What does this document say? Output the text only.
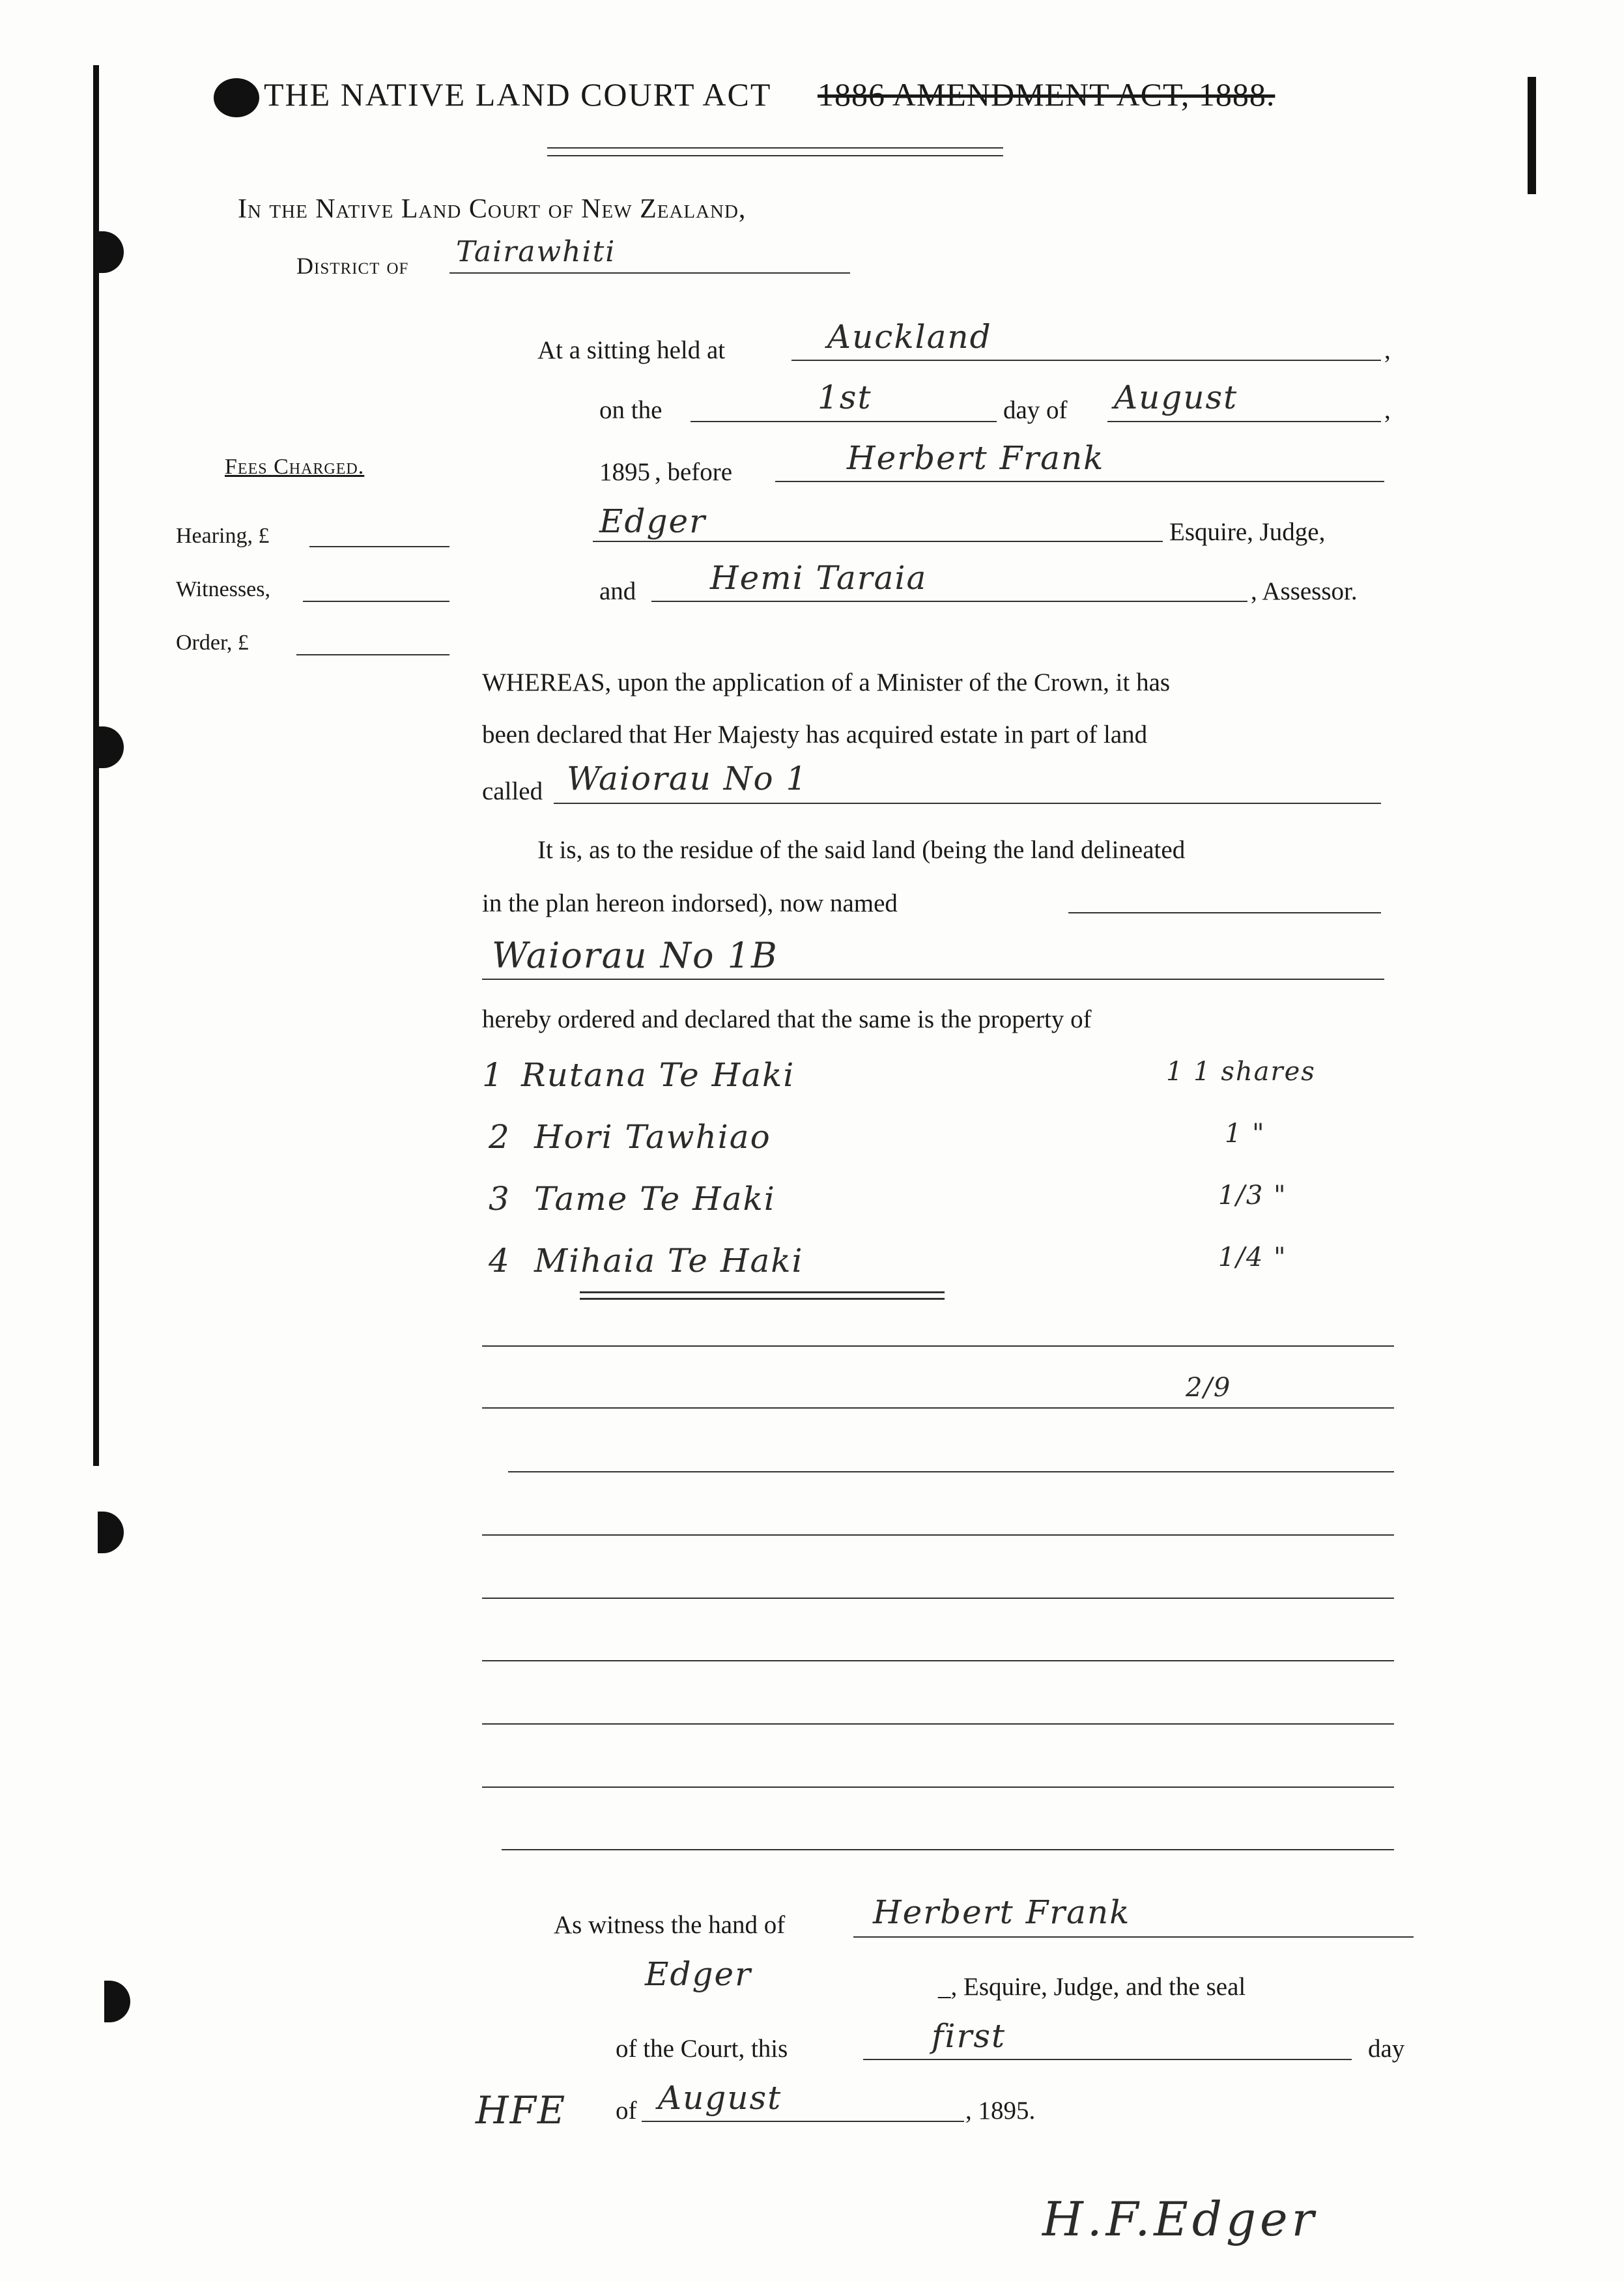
THE NATIVE LAND COURT ACT 1886 AMENDMENT ACT, 1888.
In the Native Land Court of New Zealand,
District of Tairawhiti
Fees Charged.
Hearing, £
Witnesses,
Order, £
At a sitting held at	Auckland	,
on the	1st	day of August	,
1895 , before	Herbert Frank
Edger	Esquire, Judge,
and Hemi Taraia	, Assessor.
WHEREAS, upon the application of a Minister of the Crown, it has
been declared that Her Majesty has acquired estate in part of land
called Waiorau No 1
It is, as to the residue of the said land (being the land delineated
in the plan hereon indorsed), now named
Waiorau No 1B
hereby ordered and declared that the same is the property of
1 Rutana Te Haki	1 1 shares
2 Hori Tawhiao	1 "
3 Tame Te Haki	1/3 "
4 Mihaia Te Haki	1/4 "
2/9
As witness the hand of	Herbert Frank
Edger	_, Esquire, Judge, and the seal
of the Court, this	first	day
of August	, 1895.
HFE
H.F.Edger
